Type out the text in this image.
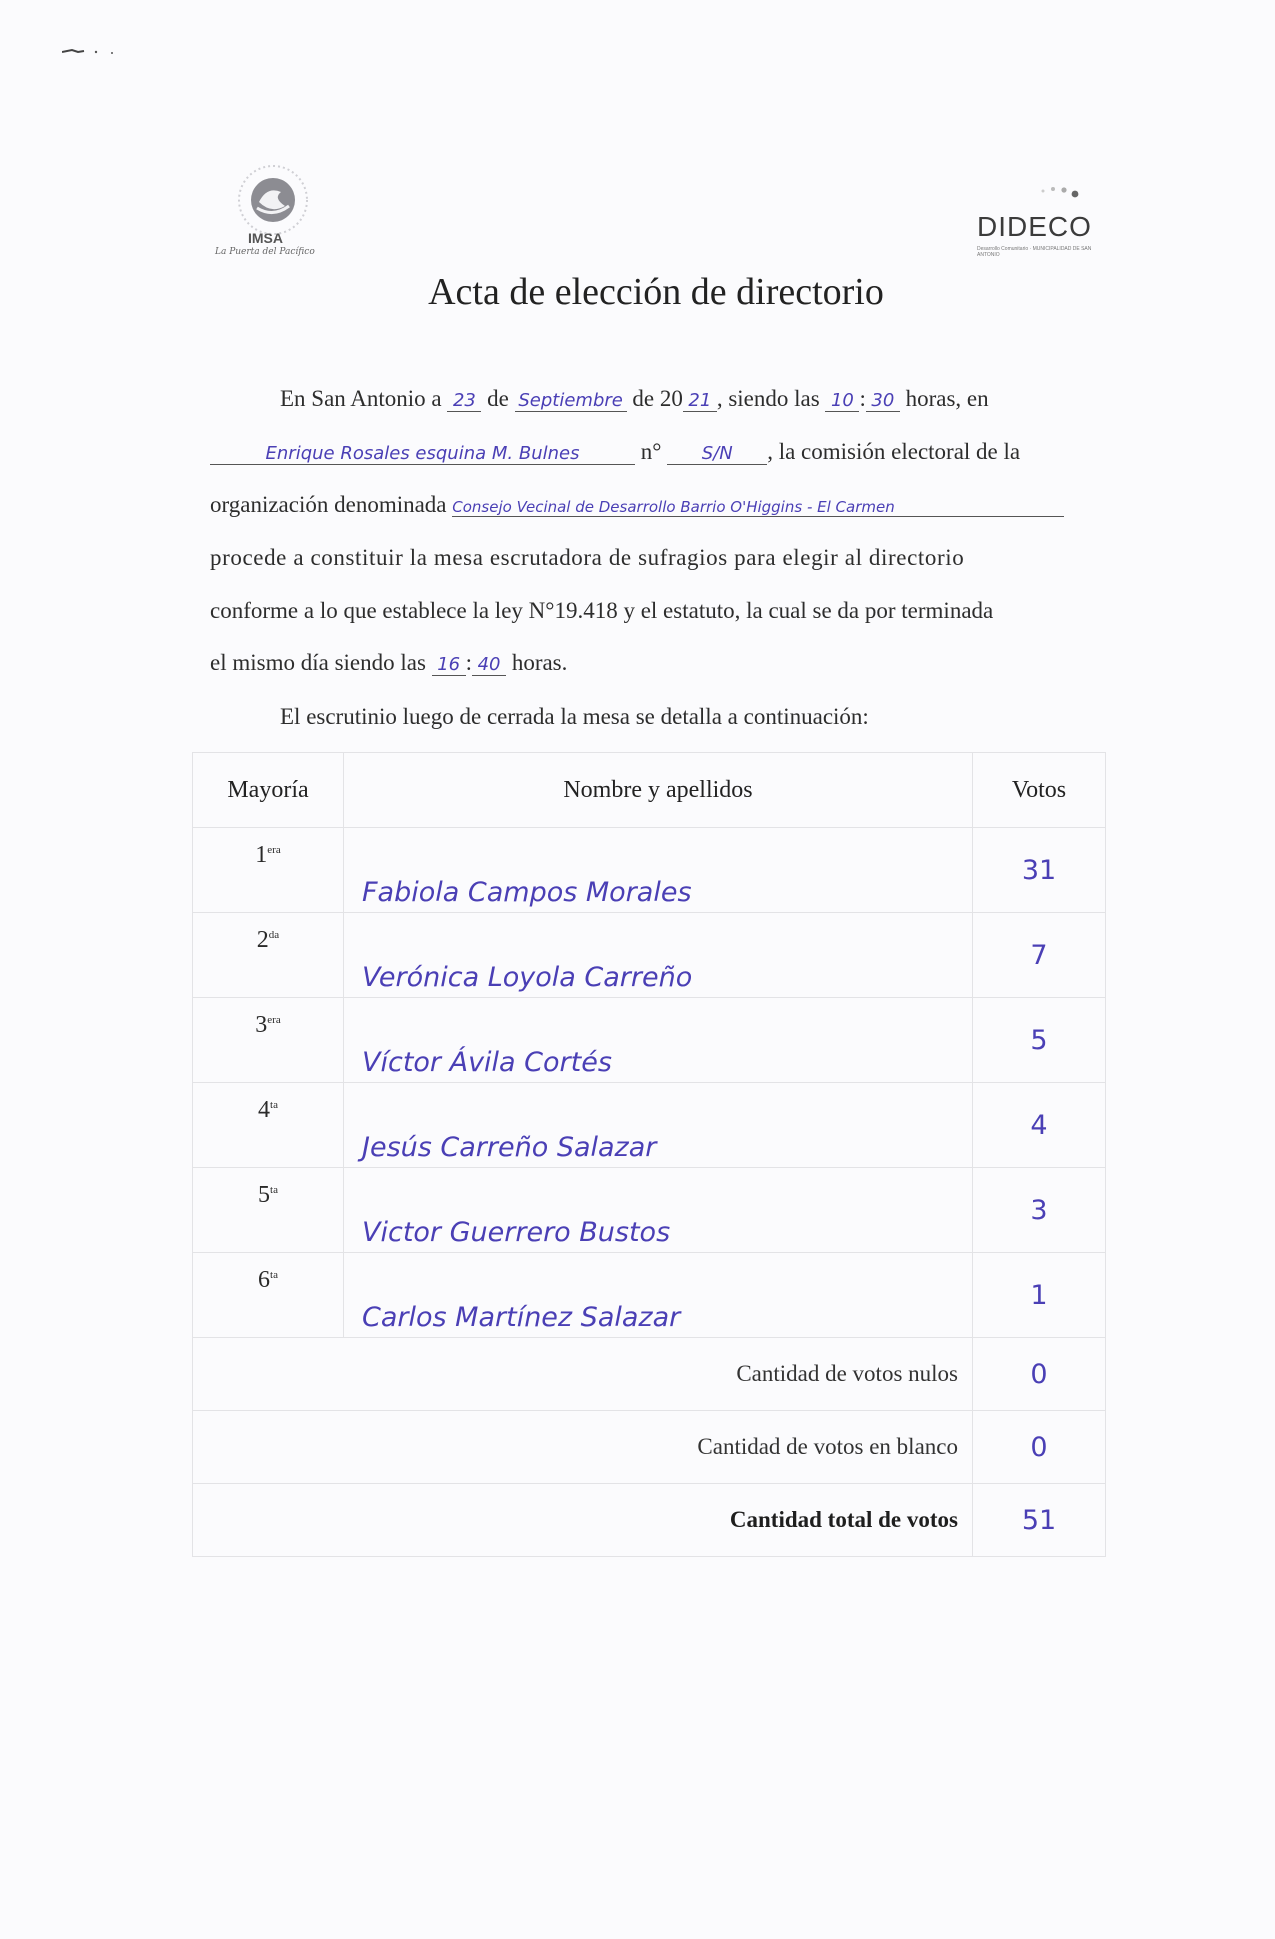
IMSA
La Puerta del Pacífico
DIDECO
Desarrollo Comunitario · MUNICIPALIDAD DE SAN ANTONIO
Acta de elección de directorio
En San Antonio a 23 de Septiembre de 20 21 , siendo las 10 : 30 horas, en
Enrique Rosales esquina M. Bulnes	n° S/N , la comisión electoral de la
organización denominada Consejo Vecinal de Desarrollo Barrio O'Higgins - El Carmen
procede a constituir la mesa escrutadora de sufragios para elegir al directorio
conforme a lo que establece la ley N°19.418 y el estatuto, la cual se da por terminada
el mismo día siendo las 16 : 40 horas.
El escrutinio luego de cerrada la mesa se detalla a continuación:
Mayoría	Nombre y apellidos	Votos
$1^{era}$	Fabiola Campos Morales	31
$2^{da}$	Verónica Loyola Carreño	7
$3^{era}$	Víctor Ávila Cortés	5
$4^{ta}$	Jesús Carreño Salazar	4
$5^{ta}$	Victor Guerrero Bustos	3
$6^{ta}$	Carlos Martínez Salazar	1
Cantidad de votos nulos		0
Cantidad de votos en blanco		0
Cantidad total de votos		51
